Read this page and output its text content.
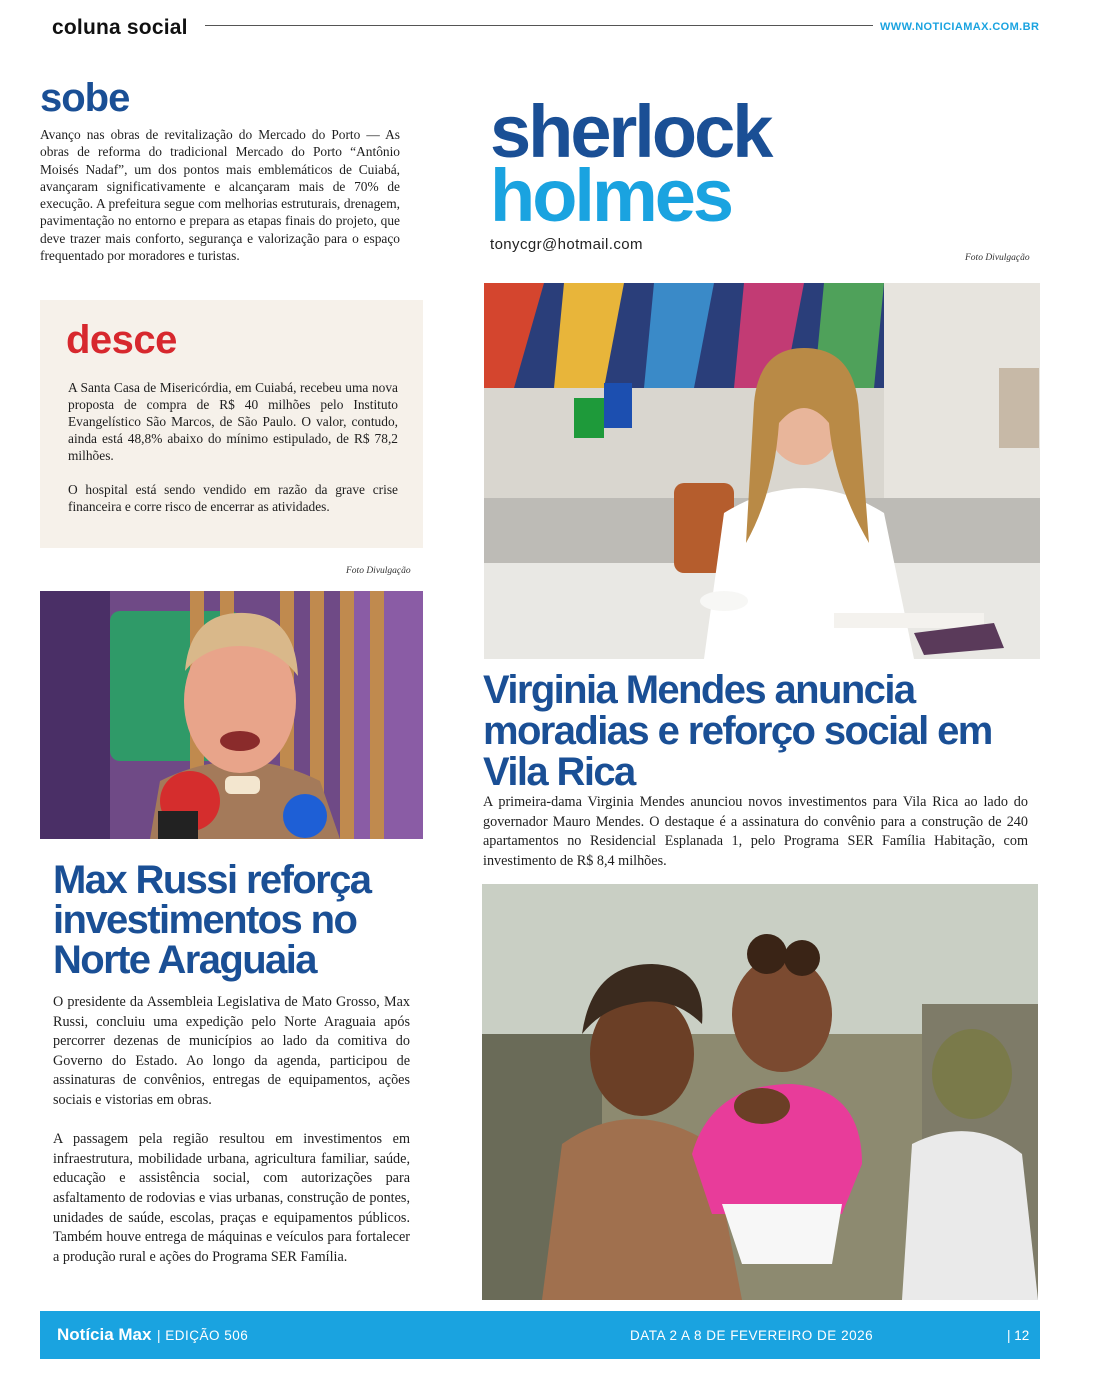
coluna social	WWW.NOTICIAMAX.COM.BR
sobe
Avanço nas obras de revitalização do Mercado do Porto — As obras de reforma do tradicional Mercado do Porto “Antônio Moisés Nadaf”, um dos pontos mais emblemáticos de Cuiabá, avançaram significativamente e alcançaram mais de 70% de execução. A prefeitura segue com melhorias estruturais, drenagem, pavimentação no entorno e prepara as etapas finais do projeto, que deve trazer mais conforto, segurança e valorização para o espaço frequentado por moradores e turistas.
desce

A Santa Casa de Misericórdia, em Cuiabá, recebeu uma nova proposta de compra de R$ 40 milhões pelo Instituto Evangelístico São Marcos, de São Paulo. O valor, contudo, ainda está 48,8% abaixo do mínimo estipulado, de R$ 78,2 milhões.

O hospital está sendo vendido em razão da grave crise financeira e corre risco de encerrar as atividades.

Foto Divulgação
Max Russi reforça investimentos no Norte Araguaia

O presidente da Assembleia Legislativa de Mato Grosso, Max Russi, concluiu uma expedição pelo Norte Araguaia após percorrer dezenas de municípios ao lado da comitiva do Governo do Estado. Ao longo da agenda, participou de assinaturas de convênios, entregas de equipamentos, ações sociais e vistorias em obras.

A passagem pela região resultou em investimentos em infraestrutura, mobilidade urbana, agricultura familiar, saúde, educação e assistência social, com autorizações para asfaltamento de rodovias e vias urbanas, construção de pontes, unidades de saúde, escolas, praças e equipamentos públicos. Também houve entrega de máquinas e veículos para fortalecer a produção rural e ações do Programa SER Família.

sherlock
holmes
tonycgr@hotmail.com
Foto Divulgação
Virginia Mendes anuncia moradias e reforço social em Vila Rica
A primeira-dama Virginia Mendes anunciou novos investimentos para Vila Rica ao lado do governador Mauro Mendes. O destaque é a assinatura do convênio para a construção de 240 apartamentos no Residencial Esplanada 1, pelo Programa SER Família Habitação, com investimento de R$ 8,4 milhões.
Notícia Max | EDIÇÃO 506	DATA 2 A 8 DE FEVEREIRO DE 2026	| 12
